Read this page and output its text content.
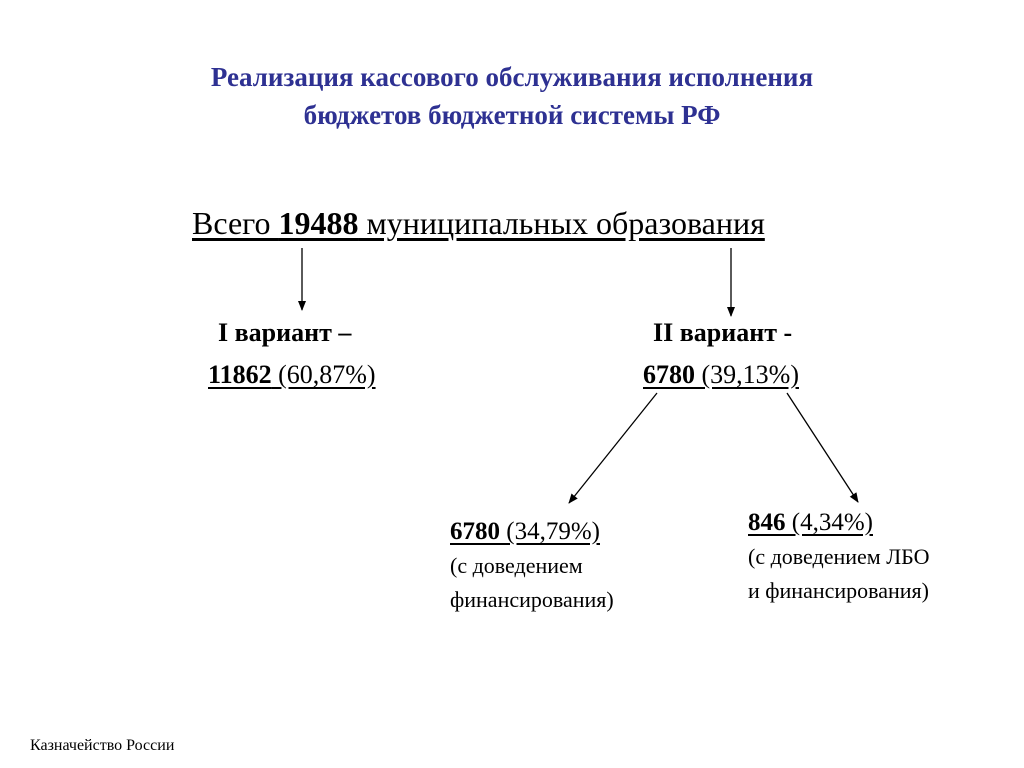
Реализация кассового обслуживания исполнения
бюджетов бюджетной системы РФ
Всего 19488 муниципальных образования
I вариант –
11862 (60,87%)
II вариант -
6780 (39,13%)
6780 (34,79%)
(с доведением
финансирования)
846 (4,34%)
(с доведением ЛБО
и финансирования)
Казначейство России
